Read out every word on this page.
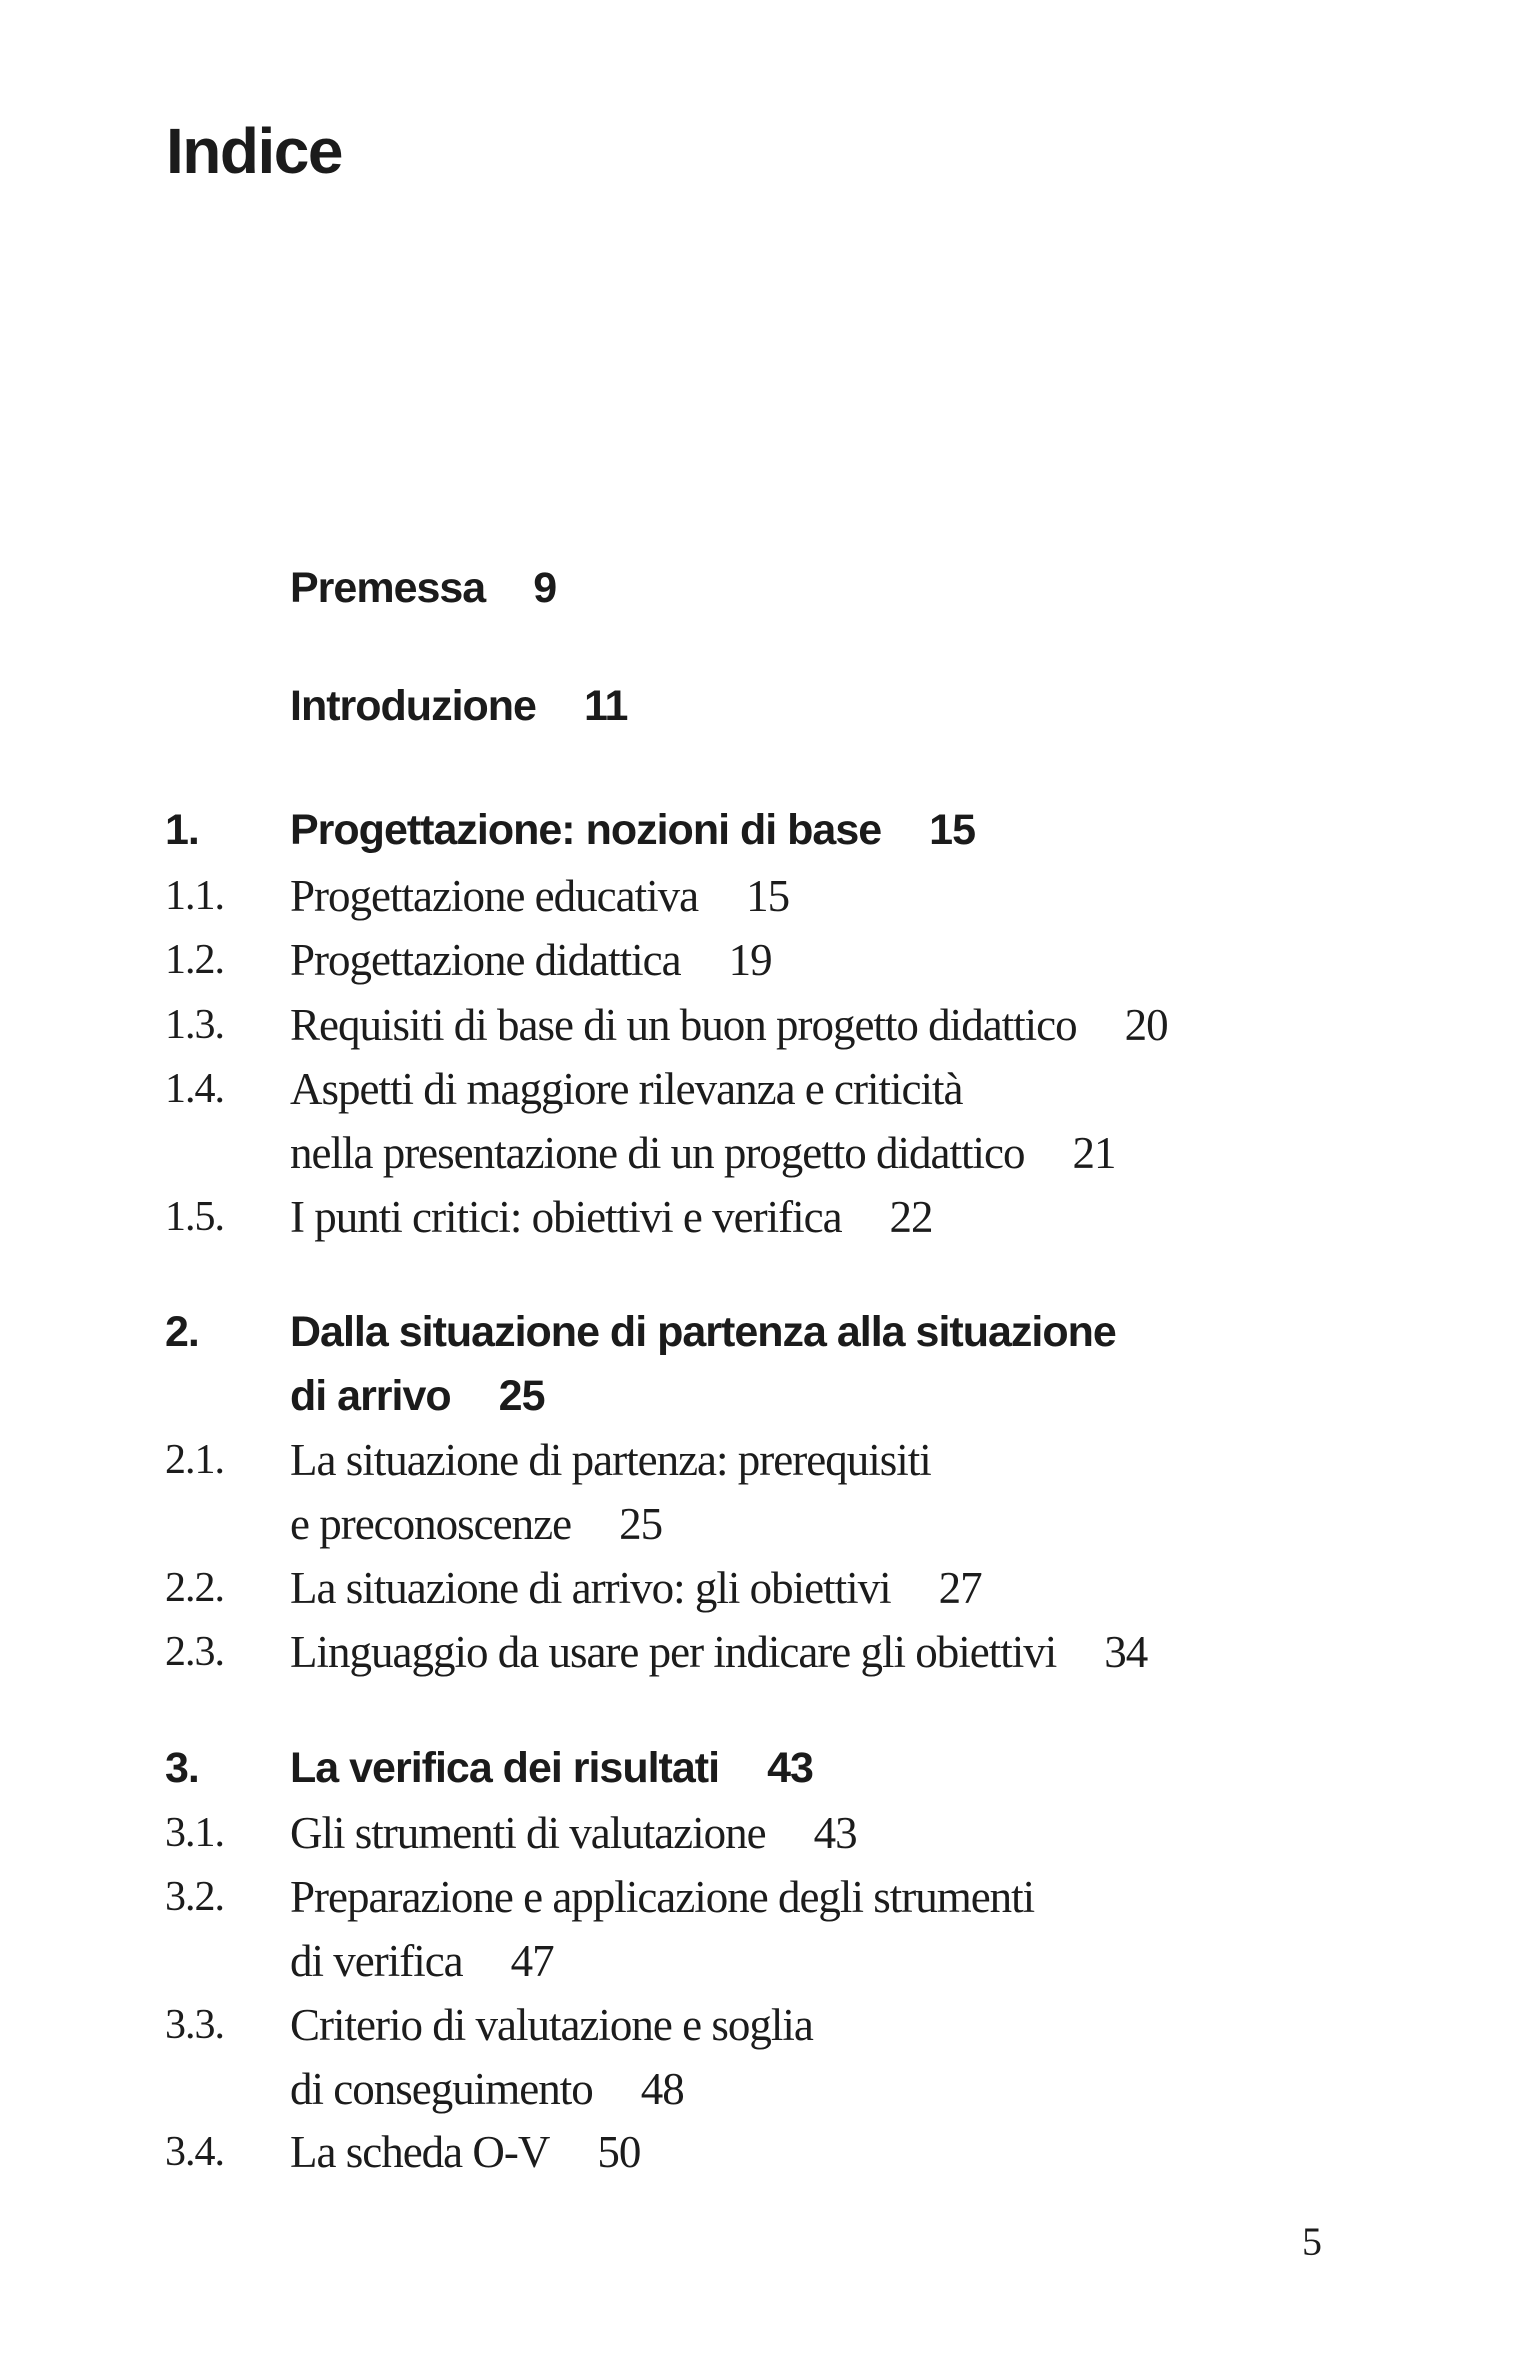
Indice
Premessa 9
Introduzione 11
1. Progettazione: nozioni di base 15
1.1. Progettazione educativa 15
1.2. Progettazione didattica 19
1.3. Requisiti di base di un buon progetto didattico 20
1.4. Aspetti di maggiore rilevanza e criticità
nella presentazione di un progetto didattico 21
1.5. I punti critici: obiettivi e verifica 22
2. Dalla situazione di partenza alla situazione
di arrivo 25
2.1. La situazione di partenza: prerequisiti
e preconoscenze 25
2.2. La situazione di arrivo: gli obiettivi 27
2.3. Linguaggio da usare per indicare gli obiettivi 34
3. La verifica dei risultati 43
3.1. Gli strumenti di valutazione 43
3.2. Preparazione e applicazione degli strumenti
di verifica 47
3.3. Criterio di valutazione e soglia
di conseguimento 48
3.4. La scheda O-V 50
5
